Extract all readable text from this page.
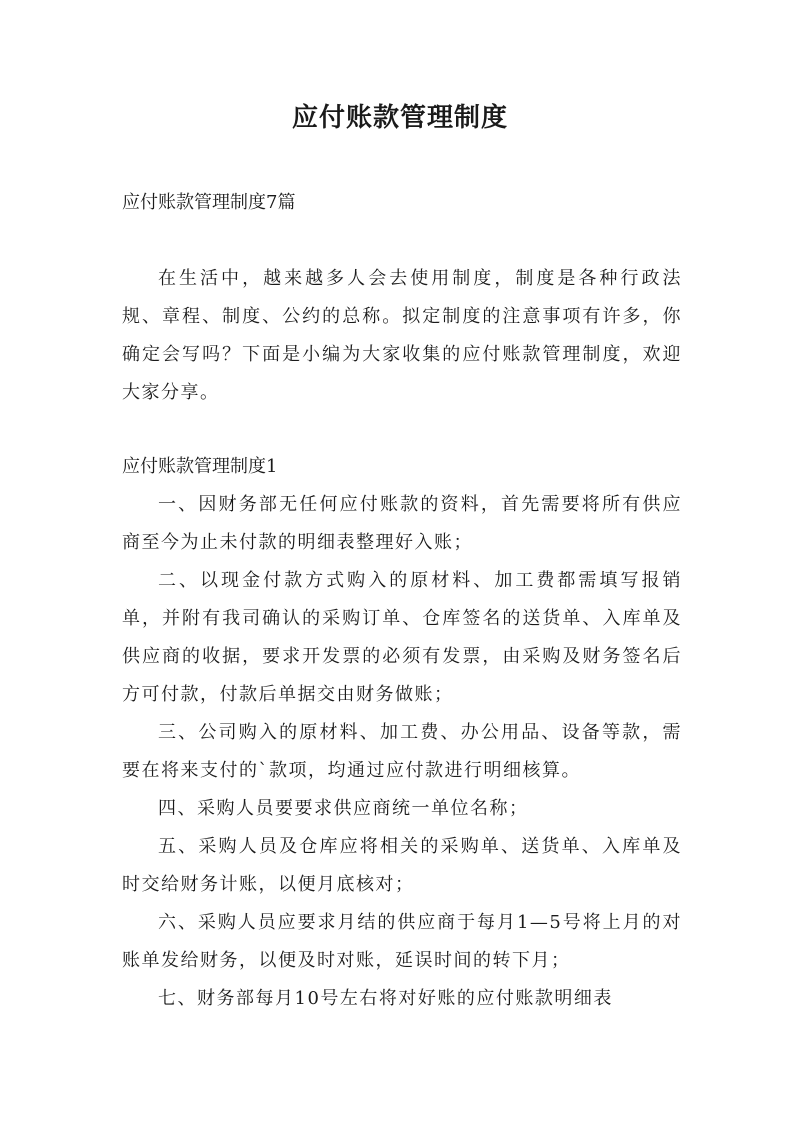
应付账款管理制度
应付账款管理制度7篇
在生活中，越来越多人会去使用制度，制度是各种行政法规、章程、制度、公约的总称。拟定制度的注意事项有许多，你确定会写吗？下面是小编为大家收集的应付账款管理制度，欢迎大家分享。
应付账款管理制度1
一、因财务部无任何应付账款的资料，首先需要将所有供应商至今为止未付款的明细表整理好入账；
二、以现金付款方式购入的原材料、加工费都需填写报销单，并附有我司确认的采购订单、仓库签名的送货单、入库单及供应商的收据，要求开发票的必须有发票，由采购及财务签名后方可付款，付款后单据交由财务做账；
三、公司购入的原材料、加工费、办公用品、设备等款，需要在将来支付的`款项，均通过应付款进行明细核算。
四、采购人员要要求供应商统一单位名称；
五、采购人员及仓库应将相关的采购单、送货单、入库单及时交给财务计账，以便月底核对；
六、采购人员应要求月结的供应商于每月1—5号将上月的对账单发给财务，以便及时对账，延误时间的转下月；
七、财务部每月10号左右将对好账的应付账款明细表
